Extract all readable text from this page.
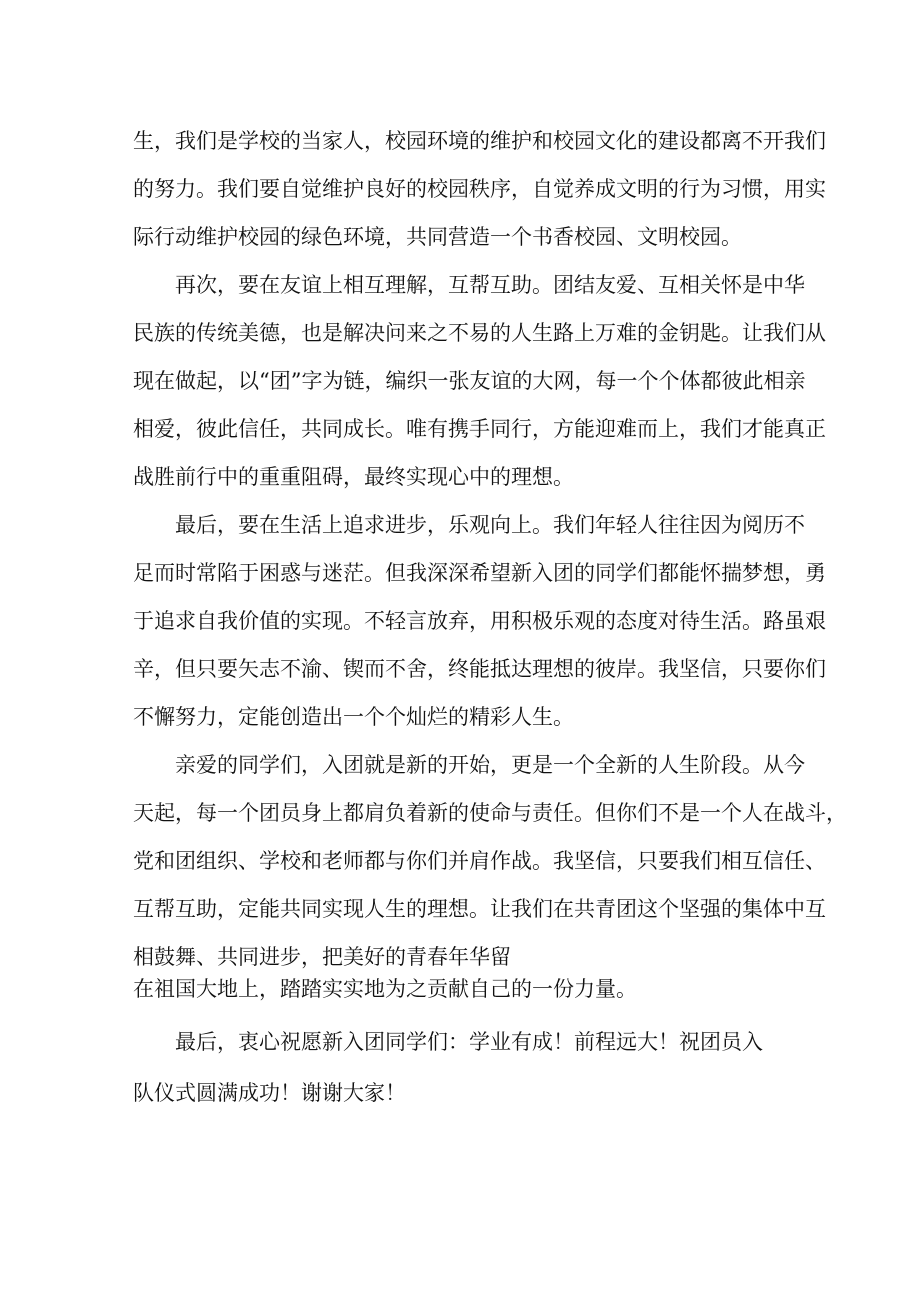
生，我们是学校的当家人，校园环境的维护和校园文化的建设都离不开我们
的努力。我们要自觉维护良好的校园秩序，自觉养成文明的行为习惯，用实
际行动维护校园的绿色环境，共同营造一个书香校园、文明校园。
再次，要在友谊上相互理解，互帮互助。团结友爱、互相关怀是中华
民族的传统美德，也是解决问来之不易的人生路上万难的金钥匙。让我们从
现在做起，以“团”字为链，编织一张友谊的大网，每一个个体都彼此相亲
相爱，彼此信任，共同成长。唯有携手同行，方能迎难而上，我们才能真正
战胜前行中的重重阻碍，最终实现心中的理想。
最后，要在生活上追求进步，乐观向上。我们年轻人往往因为阅历不
足而时常陷于困惑与迷茫。但我深深希望新入团的同学们都能怀揣梦想，勇
于追求自我价值的实现。不轻言放弃，用积极乐观的态度对待生活。路虽艰
辛，但只要矢志不渝、锲而不舍，终能抵达理想的彼岸。我坚信，只要你们
不懈努力，定能创造出一个个灿烂的精彩人生。
亲爱的同学们，入团就是新的开始，更是一个全新的人生阶段。从今
天起，每一个团员身上都肩负着新的使命与责任。但你们不是一个人在战斗，
党和团组织、学校和老师都与你们并肩作战。我坚信，只要我们相互信任、
互帮互助，定能共同实现人生的理想。让我们在共青团这个坚强的集体中互
相鼓舞、共同进步，把美好的青春年华留
在祖国大地上，踏踏实实地为之贡献自己的一份力量。
最后，衷心祝愿新入团同学们：学业有成！前程远大！祝团员入
队仪式圆满成功！谢谢大家！
